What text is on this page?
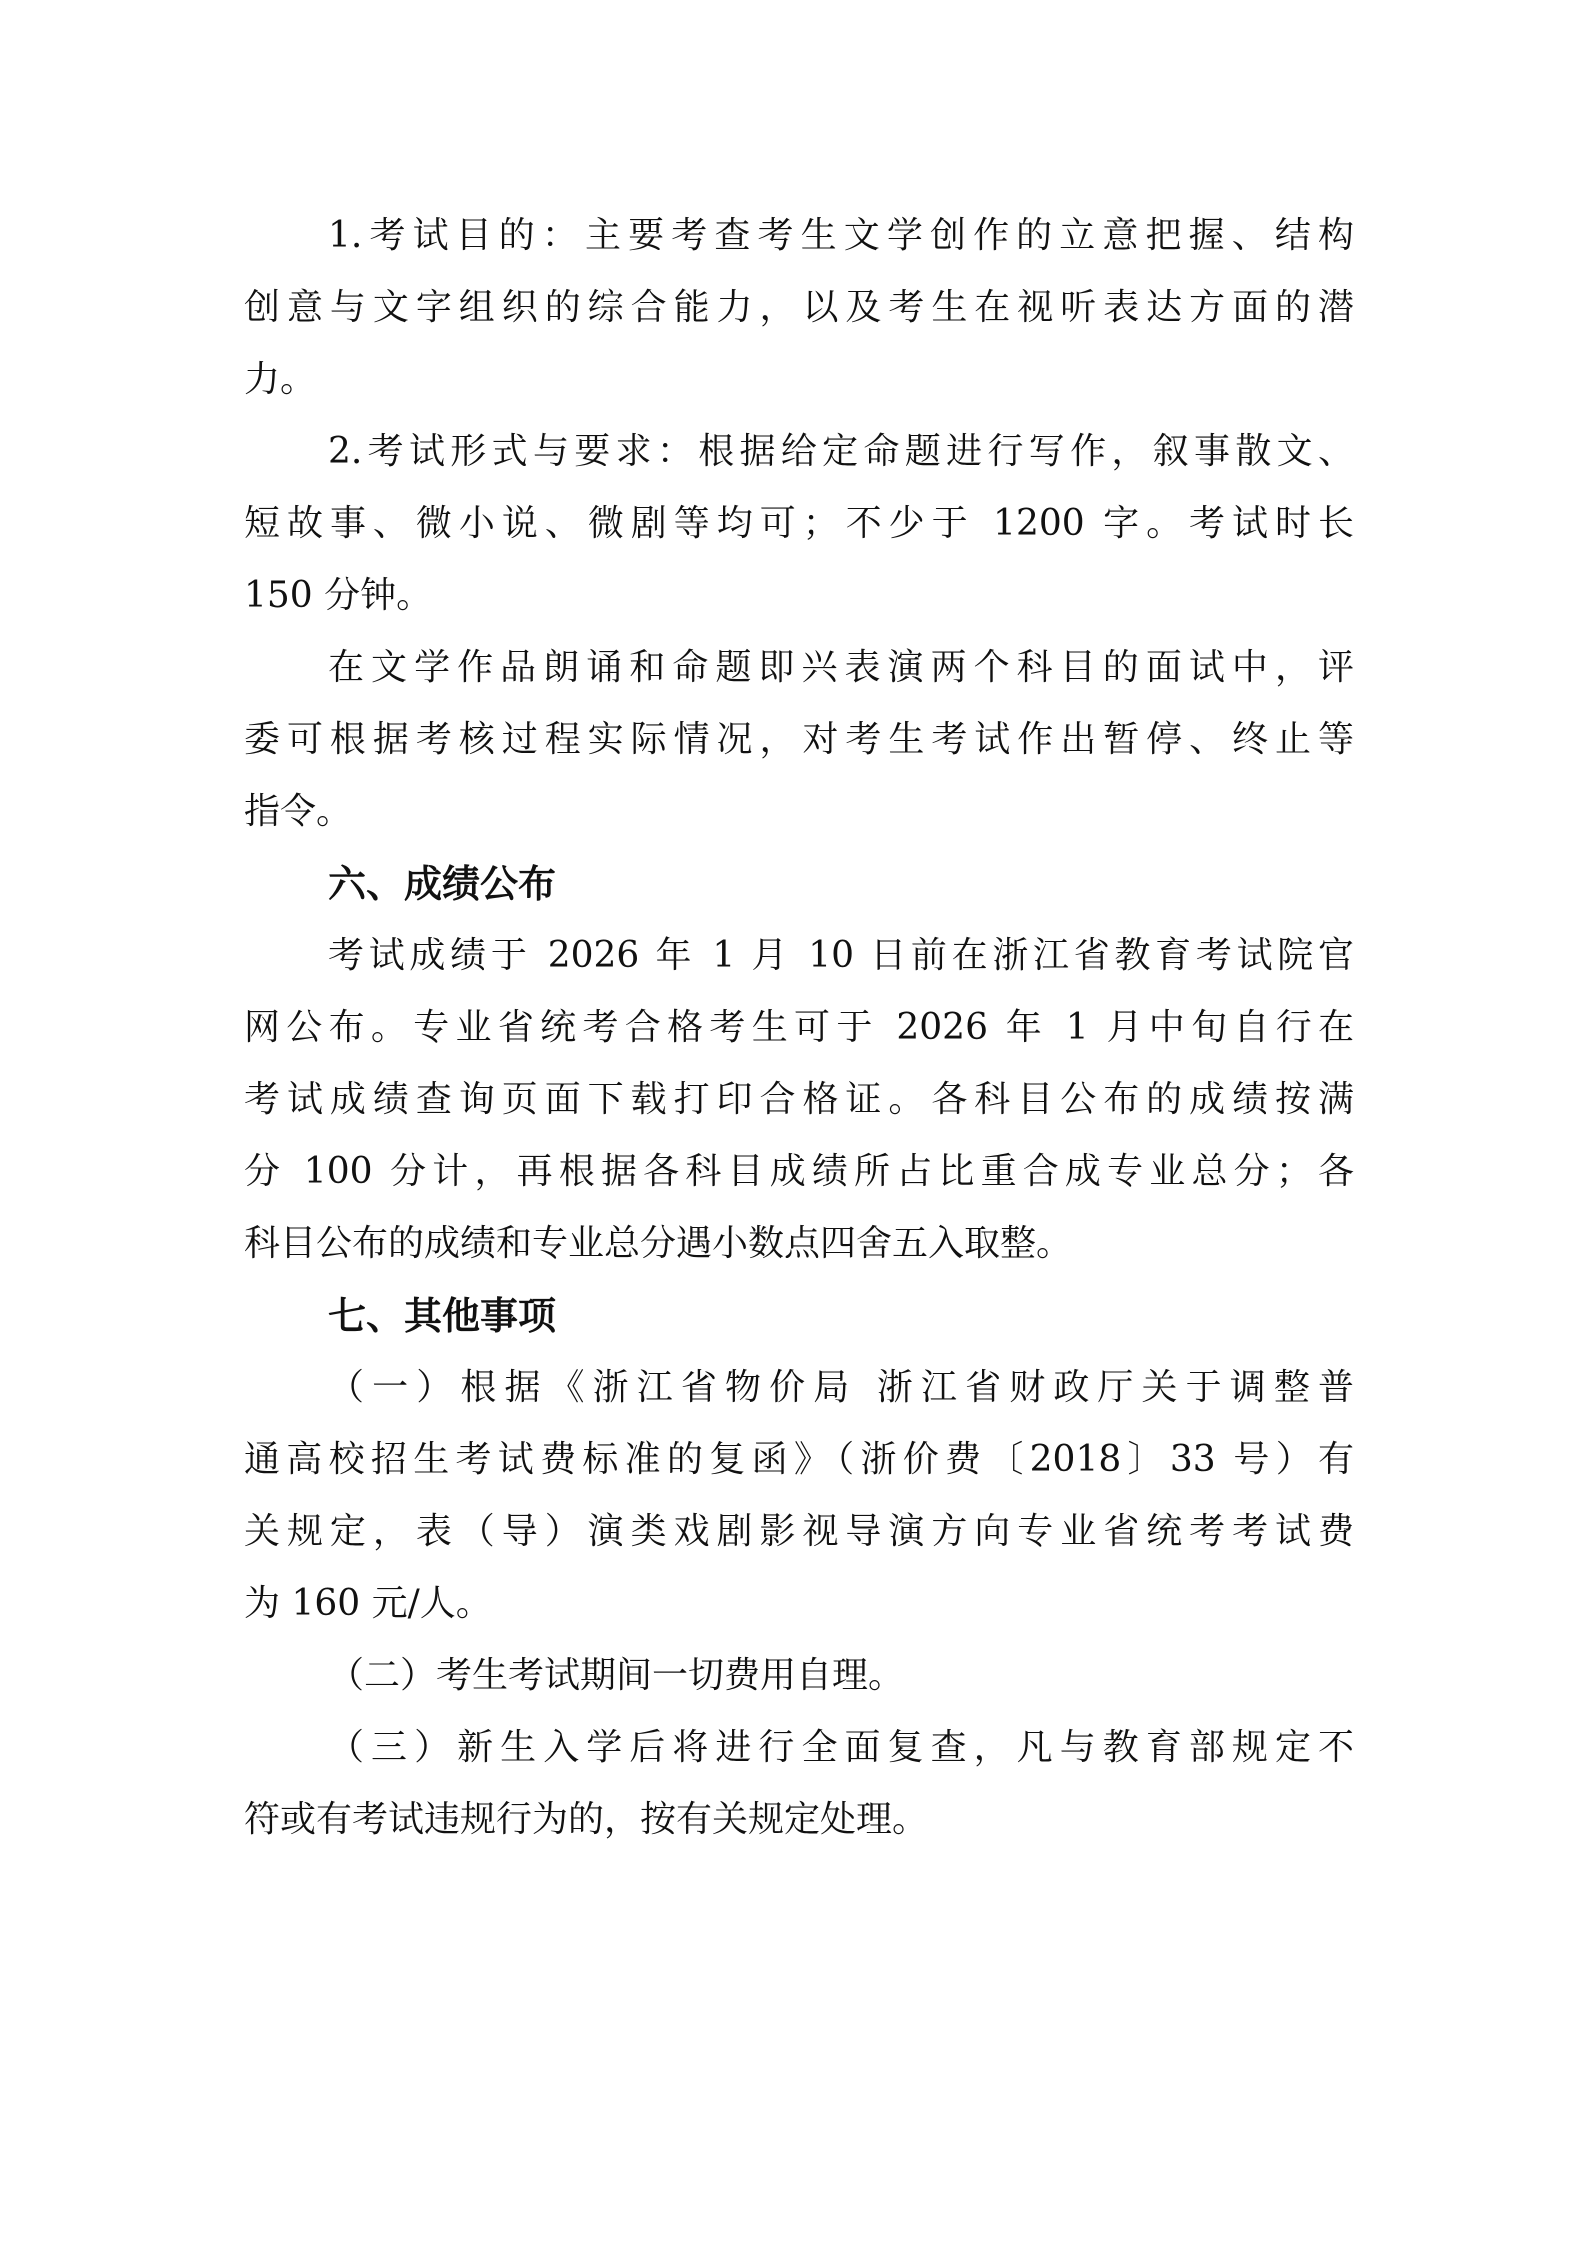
1.考试目的：主要考查考生文学创作的立意把握、结构
创意与文字组织的综合能力，以及考生在视听表达方面的潜
力。
2.考试形式与要求：根据给定命题进行写作，叙事散文、
短故事、微小说、微剧等均可；不少于 1200 字。考试时长
150 分钟。
在文学作品朗诵和命题即兴表演两个科目的面试中，评
委可根据考核过程实际情况，对考生考试作出暂停、终止等
指令。
六、成绩公布
考试成绩于 2026 年 1 月 10 日前在浙江省教育考试院官
网公布。专业省统考合格考生可于 2026 年 1 月中旬自行在
考试成绩查询页面下载打印合格证。各科目公布的成绩按满
分 100 分计，再根据各科目成绩所占比重合成专业总分；各
科目公布的成绩和专业总分遇小数点四舍五入取整。
七、其他事项
（一）根据《浙江省物价局 浙江省财政厅关于调整普
通高校招生考试费标准的复函》（浙价费〔2018〕33 号）有
关规定，表（导）演类戏剧影视导演方向专业省统考考试费
为 160 元/人。
（二）考生考试期间一切费用自理。
（三）新生入学后将进行全面复查，凡与教育部规定不
符或有考试违规行为的，按有关规定处理。
